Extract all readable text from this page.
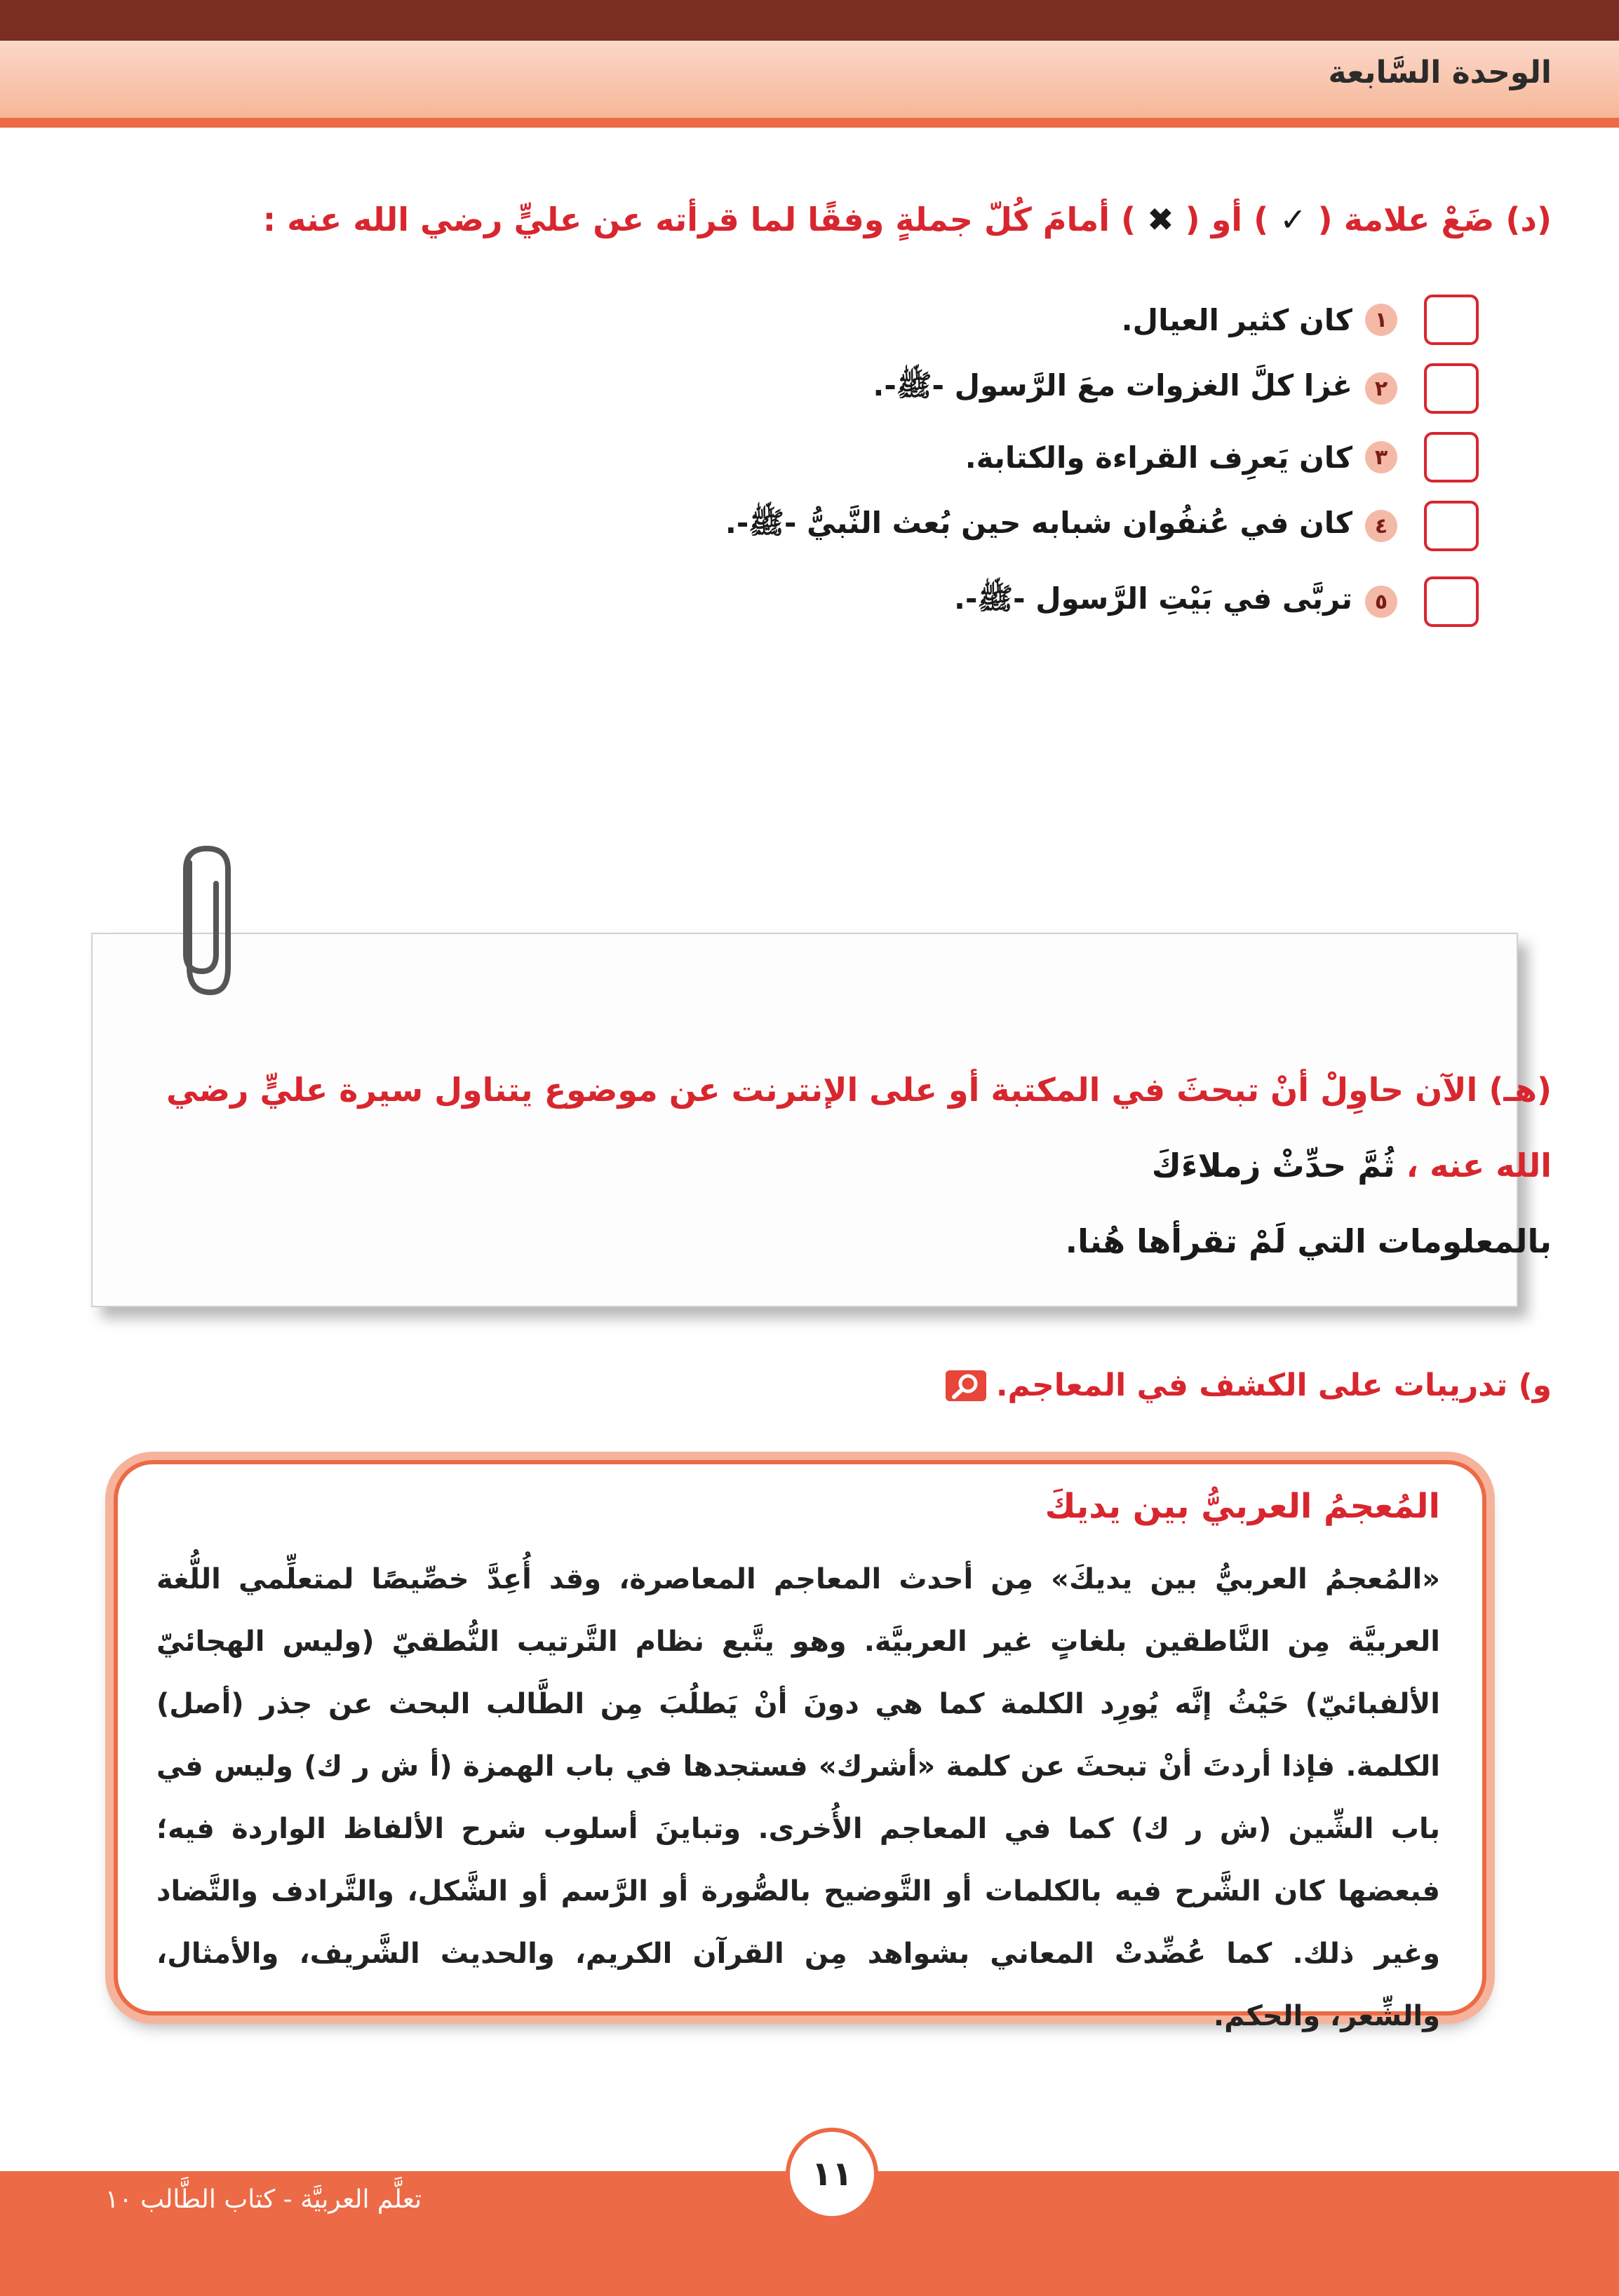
الوحدة السَّابعة
(د) ضَعْ علامة ( ✓ ) أو ( ✖ ) أمامَ كُلّ جملةٍ وفقًا لما قرأته عن عليٍّ رضي الله عنه :
١
كان كثير العيال.
٢
غزا كلَّ الغزوات معَ الرَّسول -ﷺ-.
٣
كان يَعرِف القراءة والكتابة.
٤
كان في عُنفُوان شبابه حين بُعث النَّبيُّ -ﷺ-.
٥
تربَّى في بَيْتِ الرَّسول -ﷺ-.
(هـ) الآن حاوِلْ أنْ تبحثَ في المكتبة أو على الإنترنت عن موضوع يتناول سيرة عليٍّ رضي الله عنه ، ثُمَّ حدِّثْ زملاءَكَ
بالمعلومات التي لَمْ تقرأها هُنا.
و) تدريبات على الكشف في المعاجم.
المُعجمُ العربيُّ بين يديكَ
«المُعجمُ العربيُّ بين يديكَ» مِن أحدث المعاجم المعاصرة، وقد أُعِدَّ خصِّيصًا لمتعلِّمي اللُّغة العربيَّة مِن النَّاطقين بلغاتٍ غير العربيَّة. وهو يتَّبع نظام التَّرتيب النُّطقيّ (وليس الهجائيّ الألفبائيّ) حَيْثُ إنَّه يُورِد الكلمة كما هي دونَ أنْ يَطلُبَ مِن الطَّالب البحث عن جذر (أصل) الكلمة. فإذا أردتَ أنْ تبحثَ عن كلمة «أشرك» فستجدها في باب الهمزة (أ ش ر ك) وليس في باب الشِّين (ش ر ك) كما في المعاجم الأُخرى. وتباينَ أسلوب شرح الألفاظ الواردة فيه؛ فبعضها كان الشَّرح فيه بالكلمات أو التَّوضيح بالصُّورة أو الرَّسم أو الشَّكل، والتَّرادف والتَّضاد وغير ذلك. كما عُضِّدتْ المعاني بشواهد مِن القرآن الكريم، والحديث الشَّريف، والأمثال، والشِّعر، والحكم.
تعلَّم العربيَّة - كتاب الطَّالب ١٠
١١
